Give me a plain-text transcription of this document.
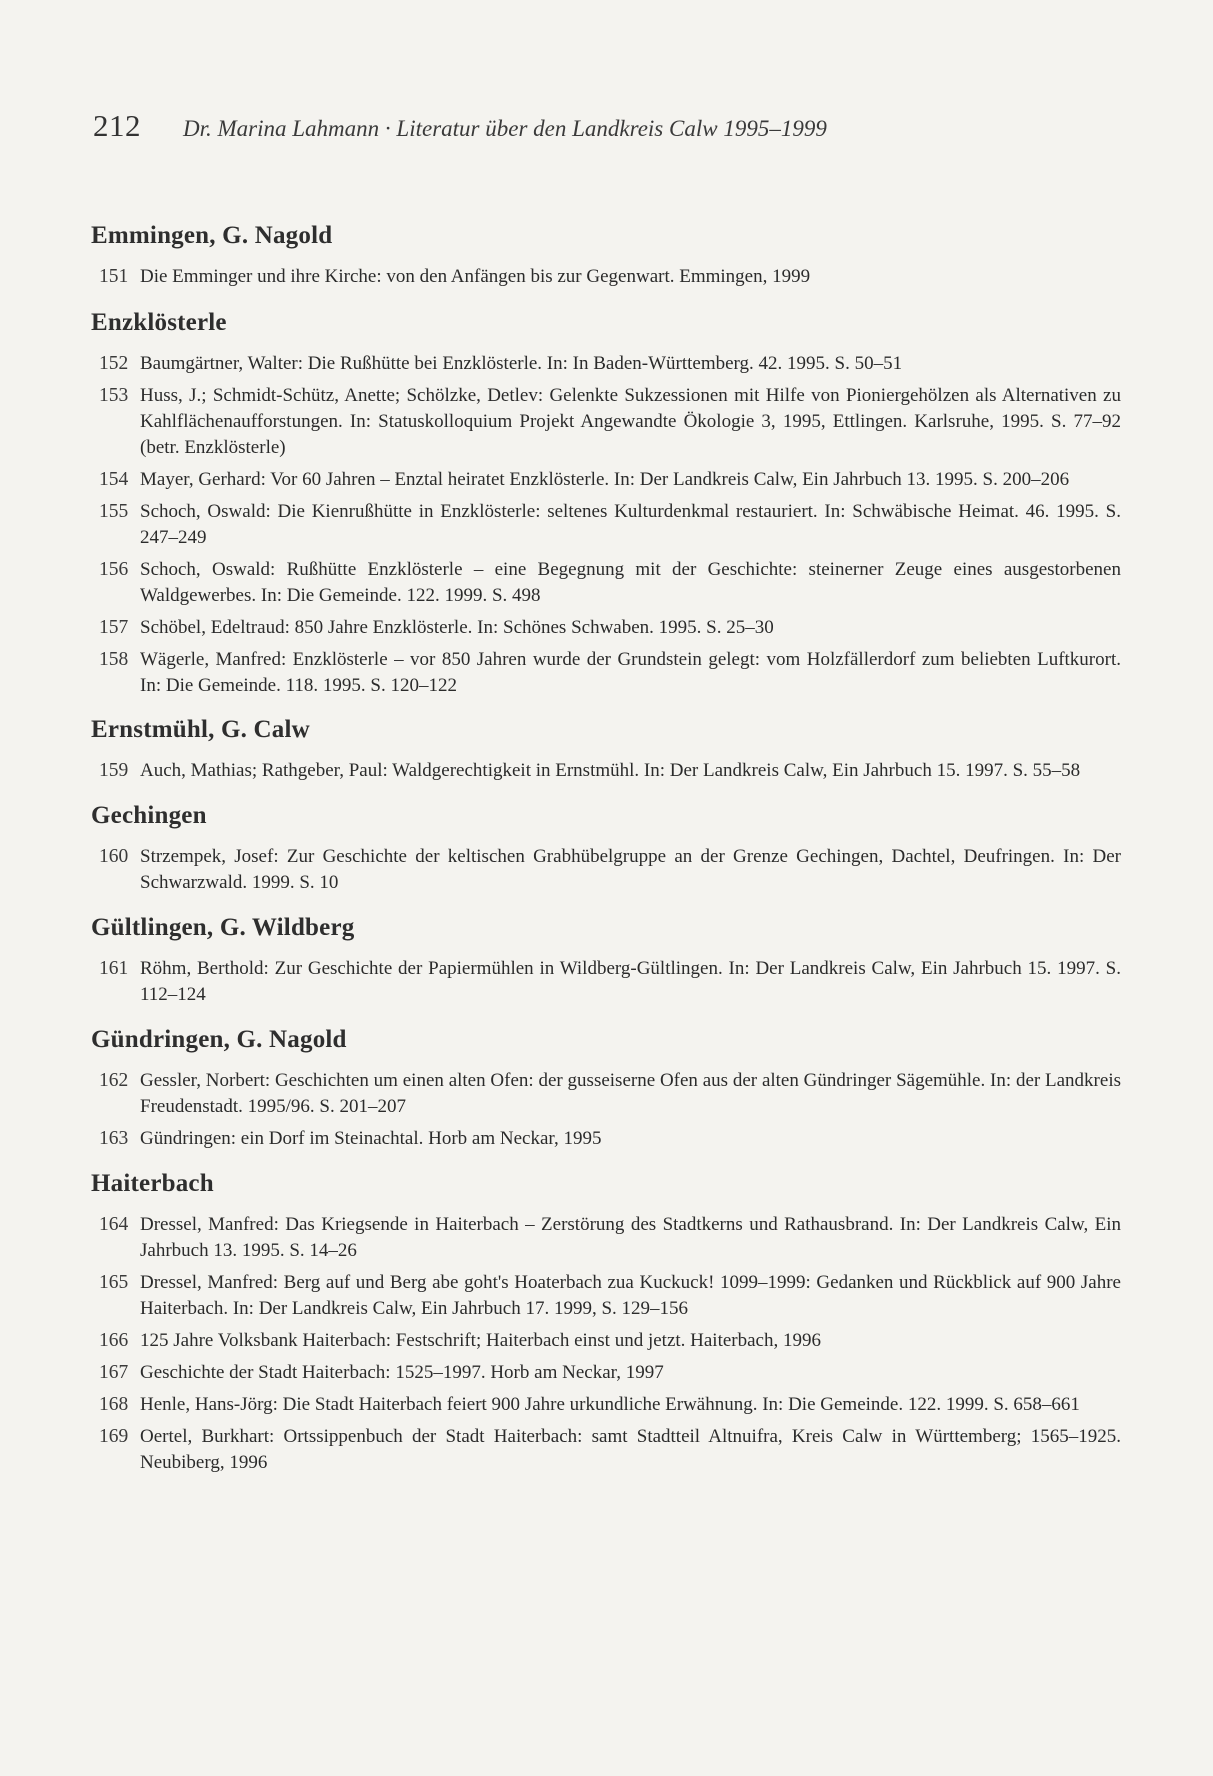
212 Dr. Marina Lahmann · Literatur über den Landkreis Calw 1995–1999
Emmingen, G. Nagold
151 Die Emminger und ihre Kirche: von den Anfängen bis zur Gegenwart. Emmingen, 1999
Enzklösterle
152 Baumgärtner, Walter: Die Rußhütte bei Enzklösterle. In: In Baden-Württemberg. 42. 1995. S. 50–51
153 Huss, J.; Schmidt-Schütz, Anette; Schölzke, Detlev: Gelenkte Sukzessionen mit Hilfe von Pioniergehölzen als Alternativen zu Kahlflächenaufforstungen. In: Statuskolloquium Projekt Angewandte Ökologie 3, 1995, Ettlingen. Karlsruhe, 1995. S. 77–92 (betr. Enzklösterle)
154 Mayer, Gerhard: Vor 60 Jahren – Enztal heiratet Enzklösterle. In: Der Landkreis Calw, Ein Jahrbuch 13. 1995. S. 200–206
155 Schoch, Oswald: Die Kienrußhütte in Enzklösterle: seltenes Kulturdenkmal restauriert. In: Schwäbische Heimat. 46. 1995. S. 247–249
156 Schoch, Oswald: Rußhütte Enzklösterle – eine Begegnung mit der Geschichte: steinerner Zeuge eines ausgestorbenen Waldgewerbes. In: Die Gemeinde. 122. 1999. S. 498
157 Schöbel, Edeltraud: 850 Jahre Enzklösterle. In: Schönes Schwaben. 1995. S. 25–30
158 Wägerle, Manfred: Enzklösterle – vor 850 Jahren wurde der Grundstein gelegt: vom Holzfällerdorf zum beliebten Luftkurort. In: Die Gemeinde. 118. 1995. S. 120–122
Ernstmühl, G. Calw
159 Auch, Mathias; Rathgeber, Paul: Waldgerechtigkeit in Ernstmühl. In: Der Landkreis Calw, Ein Jahrbuch 15. 1997. S. 55–58
Gechingen
160 Strzempek, Josef: Zur Geschichte der keltischen Grabhübelgruppe an der Grenze Gechingen, Dachtel, Deufringen. In: Der Schwarzwald. 1999. S. 10
Gültlingen, G. Wildberg
161 Röhm, Berthold: Zur Geschichte der Papiermühlen in Wildberg-Gültlingen. In: Der Landkreis Calw, Ein Jahrbuch 15. 1997. S. 112–124
Gündringen, G. Nagold
162 Gessler, Norbert: Geschichten um einen alten Ofen: der gusseiserne Ofen aus der alten Gündringer Sägemühle. In: der Landkreis Freudenstadt. 1995/96. S. 201–207
163 Gündringen: ein Dorf im Steinachtal. Horb am Neckar, 1995
Haiterbach
164 Dressel, Manfred: Das Kriegsende in Haiterbach – Zerstörung des Stadtkerns und Rathausbrand. In: Der Landkreis Calw, Ein Jahrbuch 13. 1995. S. 14–26
165 Dressel, Manfred: Berg auf und Berg abe goht's Hoaterbach zua Kuckuck! 1099–1999: Gedanken und Rückblick auf 900 Jahre Haiterbach. In: Der Landkreis Calw, Ein Jahrbuch 17. 1999, S. 129–156
166 125 Jahre Volksbank Haiterbach: Festschrift; Haiterbach einst und jetzt. Haiterbach, 1996
167 Geschichte der Stadt Haiterbach: 1525–1997. Horb am Neckar, 1997
168 Henle, Hans-Jörg: Die Stadt Haiterbach feiert 900 Jahre urkundliche Erwähnung. In: Die Gemeinde. 122. 1999. S. 658–661
169 Oertel, Burkhart: Ortssippenbuch der Stadt Haiterbach: samt Stadtteil Altnuifra, Kreis Calw in Württemberg; 1565–1925. Neubiberg, 1996
